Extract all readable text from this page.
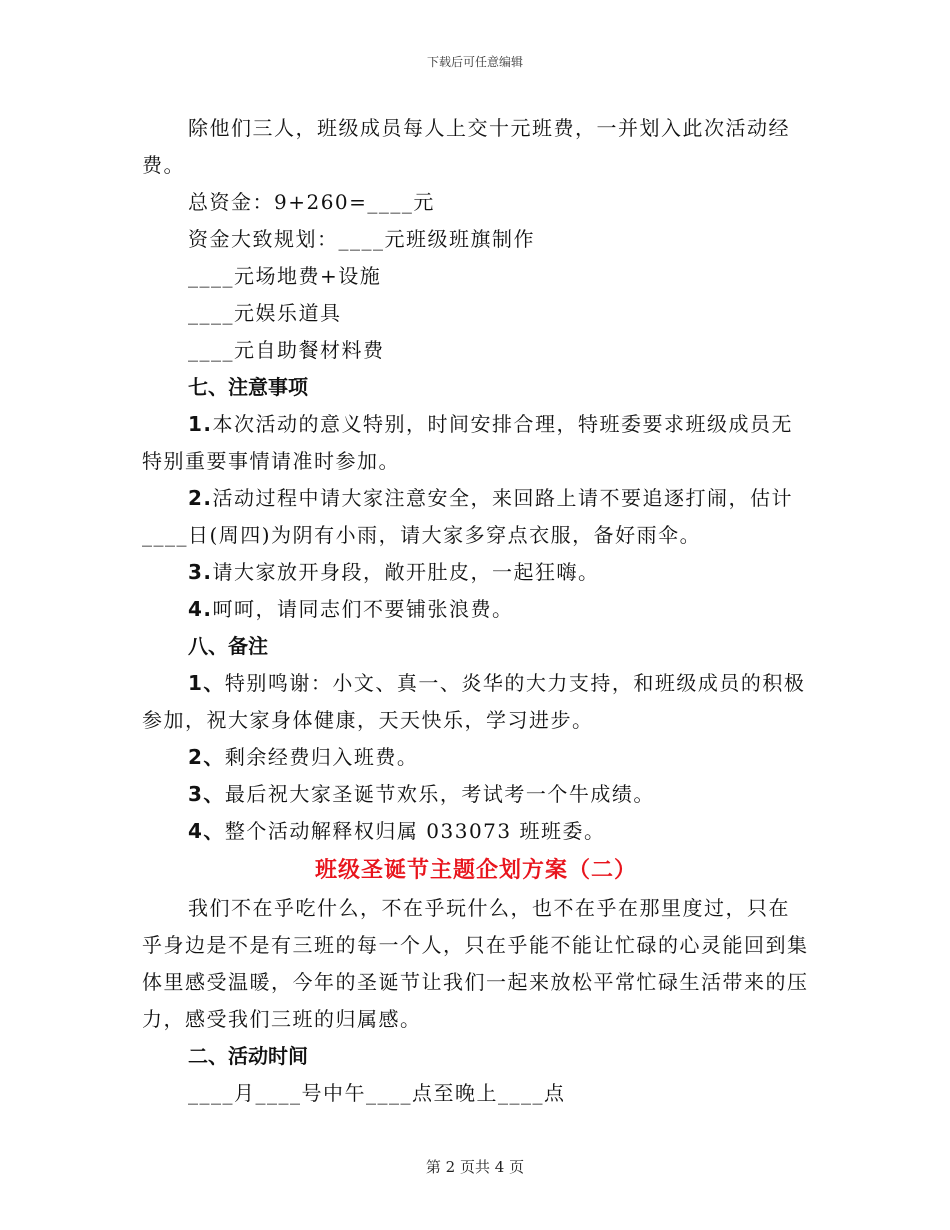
下载后可任意编辑

除他们三人，班级成员每人上交十元班费，一并划入此次活动经费。

总资金：9+260=____元

资金大致规划：____元班级班旗制作

____元场地费+设施

____元娱乐道具

____元自助餐材料费

七、注意事项

1.本次活动的意义特别，时间安排合理，特班委要求班级成员无特别重要事情请准时参加。

2.活动过程中请大家注意安全，来回路上请不要追逐打闹，估计____日(周四)为阴有小雨，请大家多穿点衣服，备好雨伞。

3.请大家放开身段，敞开肚皮，一起狂嗨。

4.呵呵，请同志们不要铺张浪费。

八、备注

1、特别鸣谢：小文、真一、炎华的大力支持，和班级成员的积极参加，祝大家身体健康，天天快乐，学习进步。

2、剩余经费归入班费。

3、最后祝大家圣诞节欢乐，考试考一个牛成绩。

4、整个活动解释权归属 033073 班班委。

班级圣诞节主题企划方案（二）

我们不在乎吃什么，不在乎玩什么，也不在乎在那里度过，只在乎身边是不是有三班的每一个人，只在乎能不能让忙碌的心灵能回到集体里感受温暖，今年的圣诞节让我们一起来放松平常忙碌生活带来的压力，感受我们三班的归属感。

二、活动时间

____月____号中午____点至晚上____点

第 2 页共 4 页
